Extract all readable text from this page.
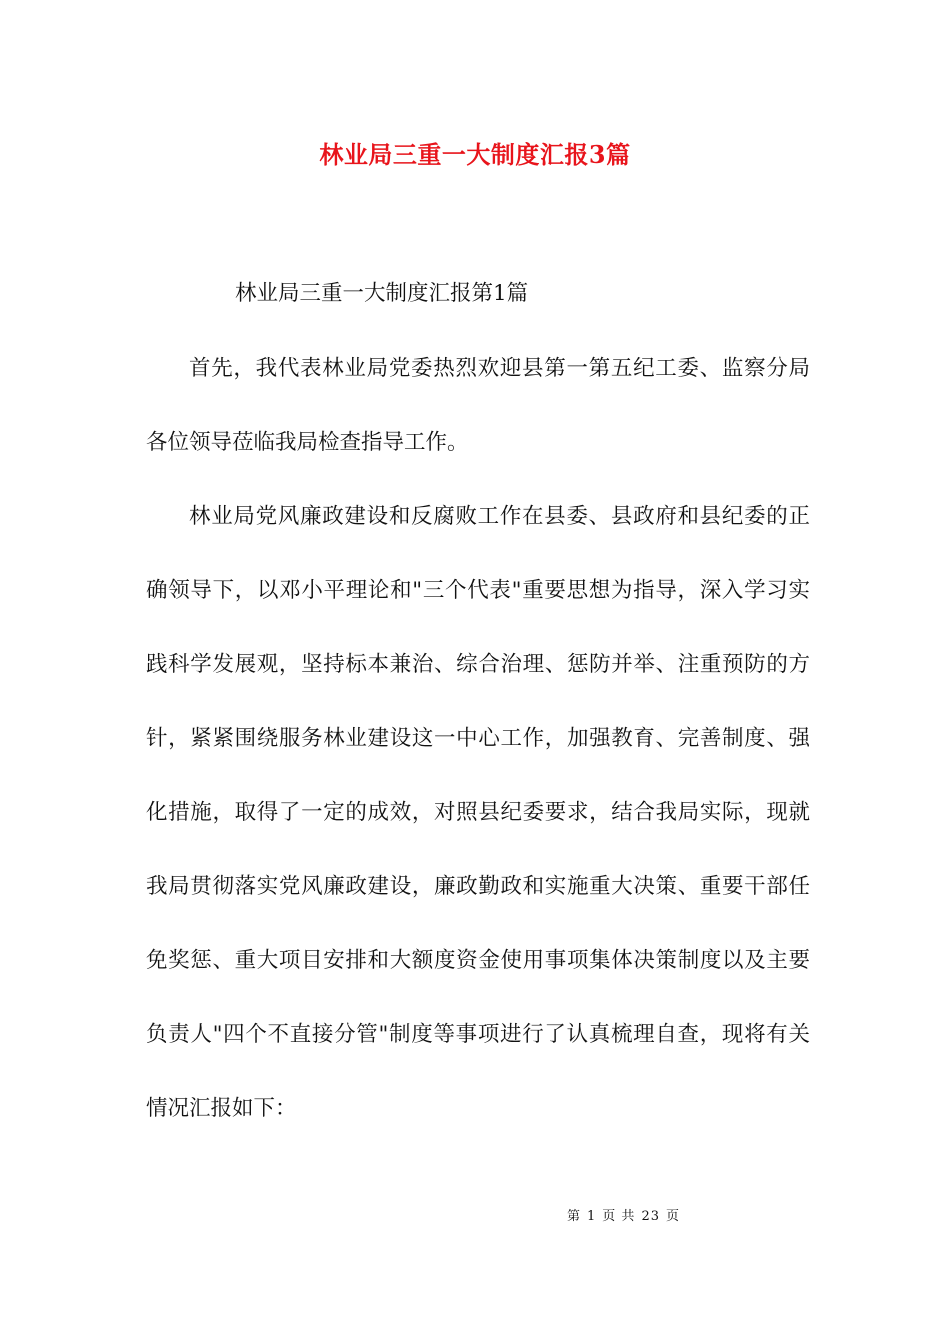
林业局三重一大制度汇报3篇
林业局三重一大制度汇报第1篇

首先，我代表林业局党委热烈欢迎县第一第五纪工委、监察分局各位领导莅临我局检查指导工作。

林业局党风廉政建设和反腐败工作在县委、县政府和县纪委的正确领导下，以邓小平理论和"三个代表"重要思想为指导，深入学习实践科学发展观，坚持标本兼治、综合治理、惩防并举、注重预防的方针，紧紧围绕服务林业建设这一中心工作，加强教育、完善制度、强化措施，取得了一定的成效，对照县纪委要求，结合我局实际，现就我局贯彻落实党风廉政建设，廉政勤政和实施重大决策、重要干部任免奖惩、重大项目安排和大额度资金使用事项集体决策制度以及主要负责人"四个不直接分管"制度等事项进行了认真梳理自查，现将有关情况汇报如下：

第 1 页 共 23 页
